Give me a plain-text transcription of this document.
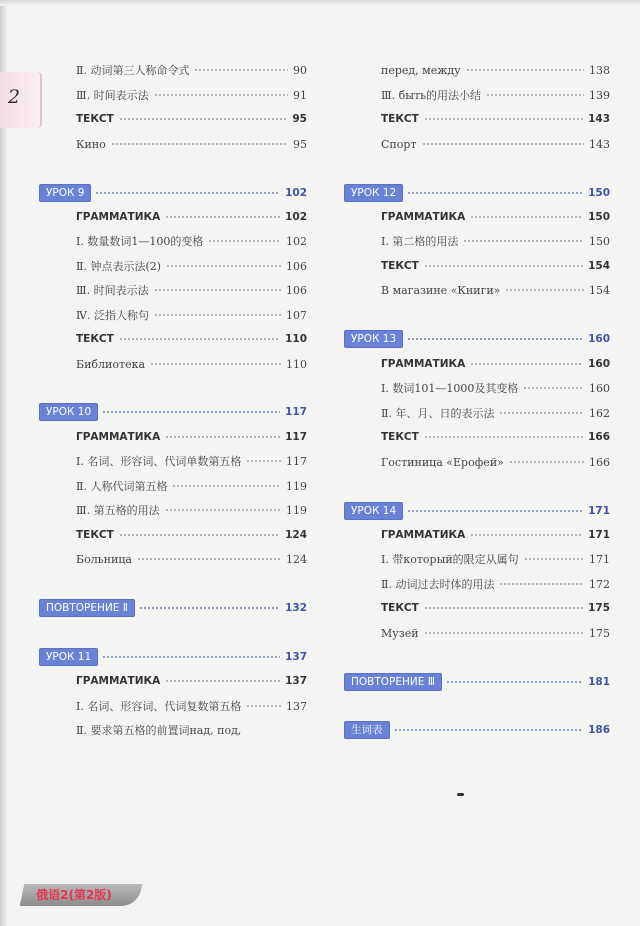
2
Ⅱ. 动词第三人称命令式	90
Ⅲ. 时间表示法	91
ТЕКСТ	95
Кино	95
УРОК 9	102
ГРАММАТИКА	102
Ⅰ. 数量数词1—100的变格	102
Ⅱ. 钟点表示法(2)	106
Ⅲ. 时间表示法	106
Ⅳ. 泛指人称句	107
ТЕКСТ	110
Библиотека	110
УРОК 10	117
ГРАММАТИКА	117
Ⅰ. 名词、形容词、代词单数第五格	117
Ⅱ. 人称代词第五格	119
Ⅲ. 第五格的用法	119
ТЕКСТ	124
Больница	124
ПОВТОРЕНИЕ Ⅱ	132
УРОК 11	137
ГРАММАТИКА	137
Ⅰ. 名词、形容词、代词复数第五格	137
Ⅱ. 要求第五格的前置词над, под,
перед, между	138
Ⅲ. быть的用法小结	139
ТЕКСТ	143
Спорт	143
УРОК 12	150
ГРАММАТИКА	150
Ⅰ. 第二格的用法	150
ТЕКСТ	154
В магазине «Книги»	154
УРОК 13	160
ГРАММАТИКА	160
Ⅰ. 数词101—1000及其变格	160
Ⅱ. 年、月、日的表示法	162
ТЕКСТ	166
Гостиница «Ерофей»	166
УРОК 14	171
ГРАММАТИКА	171
Ⅰ. 带который的限定从属句	171
Ⅱ. 动词过去时体的用法	172
ТЕКСТ	175
Музей	175
ПОВТОРЕНИЕ Ⅲ	181
生词表	186
俄语2(第2版)
